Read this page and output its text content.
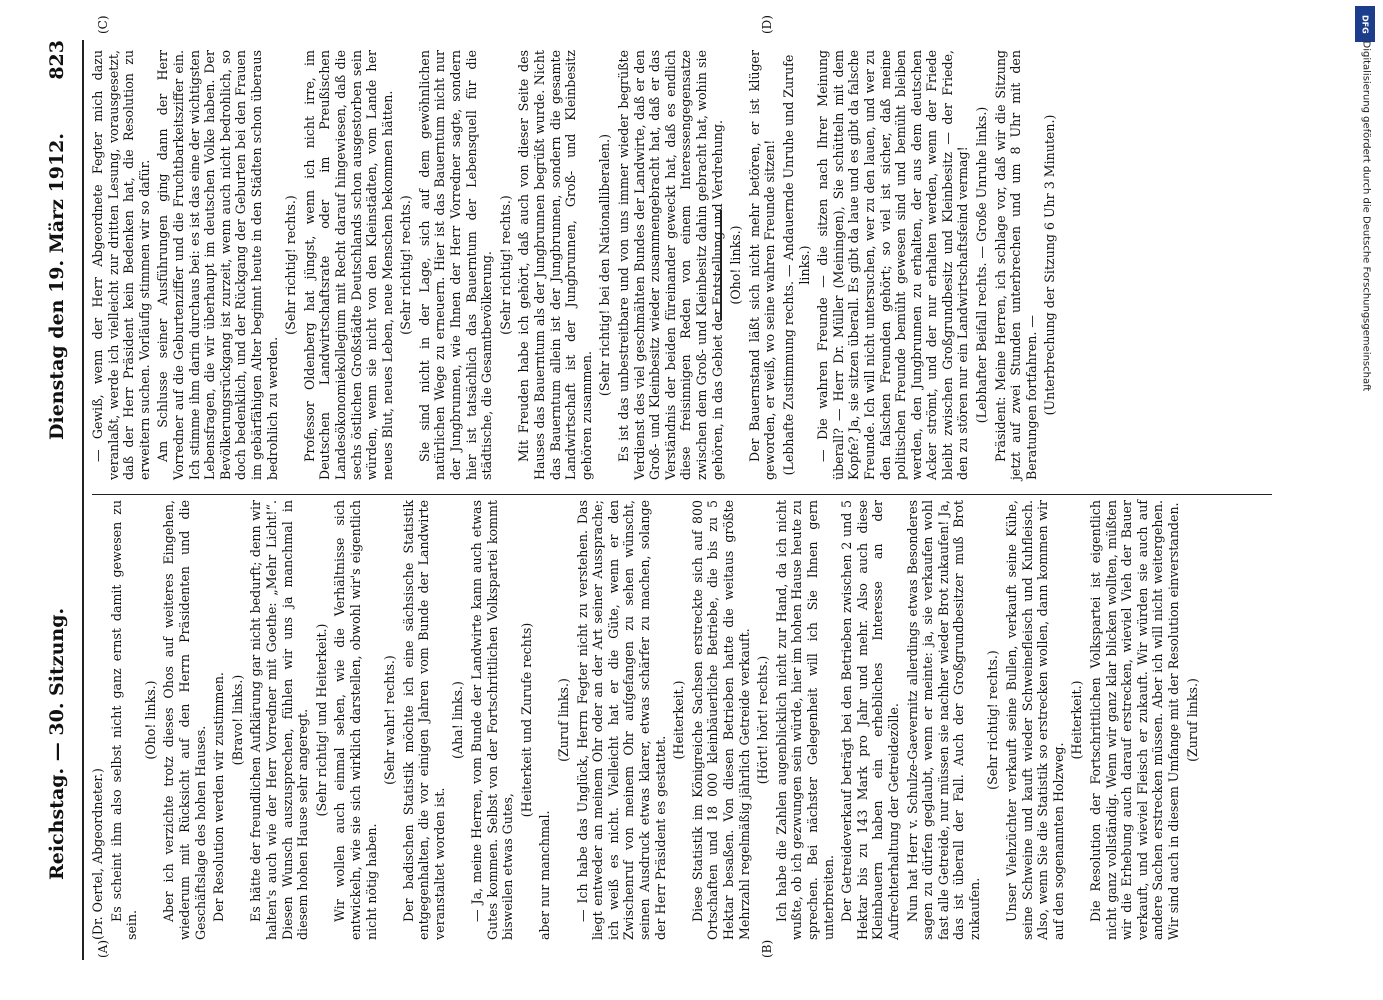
Reichstag. — 30. Sitzung.
Dienstag den 19. März 1912.
823
(A)	(B)
(C)	(D)

(Dr. Oertel, Abgeordneter.) Es scheint ihm also selbst nicht ganz ernst damit gewesen zu sein.

(Oho! links.) Aber ich verzichte trotz dieses Ohos auf weiteres Eingehen, wiederum mit Rücksicht auf den Herrn Präsidenten und die Geschäftslage des hohen Hauses. Der Resolution werden wir zustimmen. (Bravo! links.) Es hätte der freundlichen Aufklärung gar nicht bedurft; denn wir halten's auch wie der Herr Vorredner mit Goethe: „Mehr Licht!“. Diesen Wunsch auszusprechen, fühlen wir uns ja manchmal in diesem hohen Hause sehr angeregt. (Sehr richtig! und Heiterkeit.) Wir wollen auch einmal sehen, wie die Verhältnisse sich entwickeln, wie sie sich wirklich darstellen, obwohl wir's eigentlich nicht nötig haben.

(Sehr wahr! rechts.) Der badischen Statistik möchte ich eine sächsische Statistik entgegenhalten, die vor einigen Jahren vom Bunde der Landwirte veranstaltet worden ist.

(Aha! links.) — Ja, meine Herren, vom Bunde der Landwirte kann auch etwas Gutes kommen. Selbst von der Fortschrittlichen Volkspartei kommt bisweilen etwas Gutes,

(Heiterkeit und Zurufe rechts)

aber nur manchmal.

(Zuruf links.) — Ich habe das Unglück, Herrn Fegter nicht zu verstehen. Das liegt entweder an meinem Ohr oder an der Art seiner Aussprache; ich weiß es nicht. Vielleicht hat er die Güte, wenn er den Zwischenruf von meinem Ohr aufgefangen zu sehen wünscht, seinen Ausdruck etwas klarer, etwas schärfer zu machen, solange der Herr Präsident es gestattet.

(Heiterkeit.) Diese Statistik im Königreiche Sachsen erstreckte sich auf 800 Ortschaften und 18 000 kleinbäuerliche Betriebe, die bis zu 5 Hektar besaßen. Von diesen Betrieben hatte die weitaus größte Mehrzahl regelmäßig jährlich Getreide verkauft. (Hört! hört! rechts.) Ich habe die Zahlen augenblicklich nicht zur Hand, da ich nicht wußte, ob ich gezwungen sein würde, hier im hohen Hause heute zu sprechen. Bei nächster Gelegenheit will ich Sie Ihnen gern unterbreiten. Der Getreideverkauf beträgt bei den Betrieben zwischen 2 und 5 Hektar bis zu 143 Mark pro Jahr und mehr. Also auch diese Kleinbauern haben ein erhebliches Interesse an der Aufrechterhaltung der Getreidezölle. Nun hat Herr v. Schulze-Gaevernitz allerdings etwas Besonderes sagen zu dürfen geglaubt, wenn er meinte: ja, sie verkaufen wohl fast alle Getreide, nur müssen sie nachher wieder Brot zukaufen! Ja, das ist überall der Fall. Auch der Großgrundbesitzer muß Brot zukaufen.

(Sehr richtig! rechts.) Unser Viehzüchter verkauft seine Bullen, verkauft seine Kühe, seine Schweine und kauft wieder Schweinefleisch und Kuhfleisch. Also, wenn Sie die Statistik so erstrecken wollen, dann kommen wir auf den sogenannten Holzweg.

(Heiterkeit.) Die Resolution der Fortschrittlichen Volkspartei ist eigentlich nicht ganz vollständig. Wenn wir ganz klar blicken wollten, müßten wir die Erhebung auch darauf erstrecken, wieviel Vieh der Bauer verkauft, und wieviel Fleisch er zukauft. Wir würden sie auch auf andere Sachen erstrecken müssen. Aber ich will nicht weitergehen. Wir sind auch in diesem Umfange mit der Resolution einverstanden. (Zuruf links.)

— Gewiß, wenn der Herr Abgeordnete Fegter mich dazu veranlaßt, werde ich vielleicht zur dritten Lesung, vorausgesetzt, daß der Herr Präsident kein Bedenken hat, die Resolution zu erweitern suchen. Vorläufig stimmen wir so dafür. Am Schlusse seiner Ausführungen ging dann der Herr Vorredner auf die Geburtenziffer und die Fruchtbarkeitsziffer ein. Ich stimme ihm darin durchaus bei: es ist das eine der wichtigsten Lebensfragen, die wir überhaupt im deutschen Volke haben. Der Bevölkerungsrückgang ist zurzeit, wenn auch nicht bedrohlich, so doch bedenklich, und der Rückgang der Geburten bei den Frauen im gebärfähigen Alter beginnt heute in den Städten schon überaus bedrohlich zu werden.

(Sehr richtig! rechts.) Professor Oldenberg hat jüngst, wenn ich nicht irre, im Deutschen Landwirtschaftsrate oder im Preußischen Landesökonomiekollegium mit Recht darauf hingewiesen, daß die sechs östlichen Großstädte Deutschlands schon ausgestorben sein würden, wenn sie nicht von den Kleinstädten, vom Lande her neues Blut, neues Leben, neue Menschen bekommen hätten. (Sehr richtig! rechts.) Sie sind nicht in der Lage, sich auf dem gewöhnlichen natürlichen Wege zu erneuern. Hier ist das Bauerntum nicht nur der Jungbrunnen, wie Ihnen der Herr Vorredner sagte, sondern hier ist tatsächlich das Bauerntum der Lebensquell für die städtische, die Gesamtbevölkerung. (Sehr richtig! rechts.) Mit Freuden habe ich gehört, daß auch von dieser Seite des Hauses das Bauerntum als der Jungbrunnen begrüßt wurde. Nicht das Bauerntum allein ist der Jungbrunnen, sondern die gesamte Landwirtschaft ist der Jungbrunnen, Groß- und Kleinbesitz gehören zusammen.

(Sehr richtig! bei den Nationalliberalen.) Es ist das unbestreitbare und von uns immer wieder begrüßte Verdienst des viel geschmähten Bundes der Landwirte, daß er den Groß- und Kleinbesitz wieder zusammengebracht hat, daß er das Verständnis der beiden füreinander geweckt hat, daß es endlich diese freisinnigen Reden von einem Interessengegensatze zwischen dem Groß- und Kleinbesitz dahin gebracht hat, wohin sie gehören, in das Gebiet der Entstellung und Verdrehung. (Oho! links.) Der Bauernstand läßt sich nicht mehr betören, er ist klüger geworden, er weiß, wo seine wahren Freunde sitzen! (Lebhafte Zustimmung rechts. — Andauernde Unruhe und Zurufe links.) — Die wahren Freunde — die sitzen nach Ihrer Meinung überall? — Herr Dr. Müller (Meiningen), Sie schütteln mit dem Kopfe? Ja, sie sitzen überall. Es gibt da laue und es gibt da falsche Freunde. Ich will nicht untersuchen, wer zu den lauen, und wer zu den falschen Freunden gehört; so viel ist sicher, daß meine politischen Freunde bemüht gewesen sind und bemüht bleiben werden, den Jungbrunnen zu erhalten, der aus dem deutschen Acker strömt, und der nur erhalten werden, wenn der Friede bleibt zwischen Großgrundbesitz und Kleinbesitz — der Friede, den zu stören nur ein Landwirtschaftsfeind vermag! (Lebhafter Beifall rechts. — Große Unruhe links.) Präsident: Meine Herren, ich schlage vor, daß wir die Sitzung jetzt auf zwei Stunden unterbrechen und um 8 Uhr mit den Beratungen fortfahren. — (Unterbrechung der Sitzung 6 Uhr 3 Minuten.)

DFG
Digitalisierung gefördert durch die Deutsche Forschungsgemeinschaft
